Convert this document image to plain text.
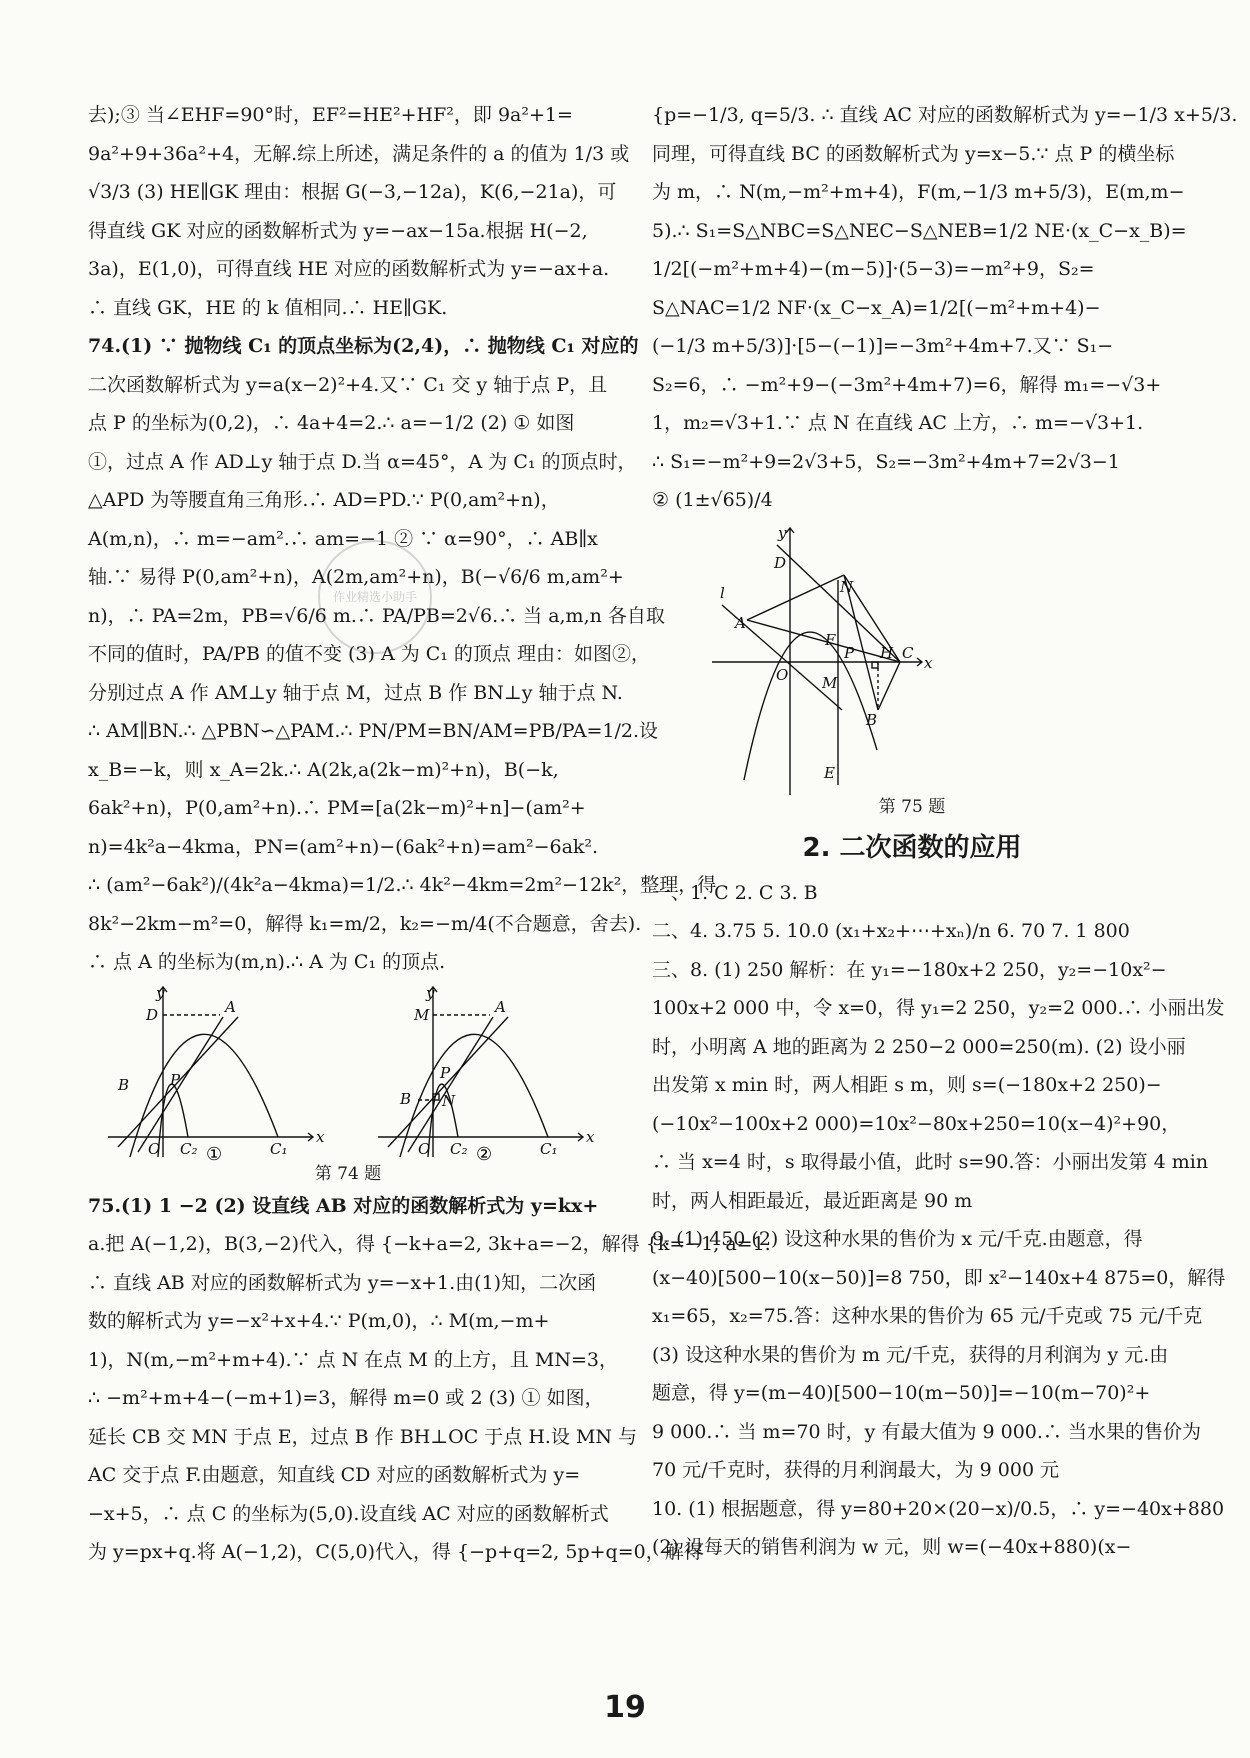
作业精选小助手
去);③ 当∠EHF=90°时，EF²=HE²+HF²，即 9a²+1=
9a²+9+36a²+4，无解.综上所述，满足条件的 a 的值为 1/3 或
√3/3 (3) HE∥GK 理由：根据 G(−3,−12a)，K(6,−21a)，可
得直线 GK 对应的函数解析式为 y=−ax−15a.根据 H(−2,
3a)，E(1,0)，可得直线 HE 对应的函数解析式为 y=−ax+a.
∴ 直线 GK，HE 的 k 值相同.∴ HE∥GK.
74.(1) ∵ 抛物线 C₁ 的顶点坐标为(2,4)，∴ 抛物线 C₁ 对应的
二次函数解析式为 y=a(x−2)²+4.又∵ C₁ 交 y 轴于点 P，且
点 P 的坐标为(0,2)，∴ 4a+4=2.∴ a=−1/2 (2) ① 如图
①，过点 A 作 AD⊥y 轴于点 D.当 α=45°，A 为 C₁ 的顶点时，
△APD 为等腰直角三角形.∴ AD=PD.∵ P(0,am²+n)，
A(m,n)，∴ m=−am².∴ am=−1 ② ∵ α=90°，∴ AB∥x
轴.∵ 易得 P(0,am²+n)，A(2m,am²+n)，B(−√6/6 m,am²+
n)，∴ PA=2m，PB=√6/6 m.∴ PA/PB=2√6.∴ 当 a,m,n 各自取
不同的值时，PA/PB 的值不变 (3) A 为 C₁ 的顶点 理由：如图②，
分别过点 A 作 AM⊥y 轴于点 M，过点 B 作 BN⊥y 轴于点 N.
∴ AM∥BN.∴ △PBN∽△PAM.∴ PN/PM=BN/AM=PB/PA=1/2.设
x_B=−k，则 x_A=2k.∴ A(2k,a(2k−m)²+n)，B(−k,
6ak²+n)，P(0,am²+n).∴ PM=[a(2k−m)²+n]−(am²+
n)=4k²a−4kma，PN=(am²+n)−(6ak²+n)=am²−6ak².
∴ (am²−6ak²)/(4k²a−4kma)=1/2.∴ 4k²−4km=2m²−12k²，整理，得
8k²−2km−m²=0，解得 k₁=m/2，k₂=−m/4(不合题意，舍去).
∴ 点 A 的坐标为(m,n).∴ A 为 C₁ 的顶点.
y
D	A
P
B
O C₂	C₁
x
y
M	A
P
N
B
O C₂	C₁
x
①	②
第 74 题
75.(1) 1 −2 (2) 设直线 AB 对应的函数解析式为 y=kx+
a.把 A(−1,2)，B(3,−2)代入，得 {−k+a=2, 3k+a=−2，解得 {k=−1, a=1.
∴ 直线 AB 对应的函数解析式为 y=−x+1.由(1)知，二次函
数的解析式为 y=−x²+x+4.∵ P(m,0)，∴ M(m,−m+
1)，N(m,−m²+m+4).∵ 点 N 在点 M 的上方，且 MN=3，
∴ −m²+m+4−(−m+1)=3，解得 m=0 或 2 (3) ① 如图，
延长 CB 交 MN 于点 E，过点 B 作 BH⊥OC 于点 H.设 MN 与
AC 交于点 F.由题意，知直线 CD 对应的函数解析式为 y=
−x+5，∴ 点 C 的坐标为(5,0).设直线 AC 对应的函数解析式
为 y=px+q.将 A(−1,2)，C(5,0)代入，得 {−p+q=2, 5p+q=0，解得
{p=−1/3, q=5/3. ∴ 直线 AC 对应的函数解析式为 y=−1/3 x+5/3.
同理，可得直线 BC 的函数解析式为 y=x−5.∵ 点 P 的横坐标
为 m，∴ N(m,−m²+m+4)，F(m,−1/3 m+5/3)，E(m,m−
5).∴ S₁=S△NBC=S△NEC−S△NEB=1/2 NE·(x_C−x_B)=
1/2[(−m²+m+4)−(m−5)]·(5−3)=−m²+9，S₂=
S△NAC=1/2 NF·(x_C−x_A)=1/2[(−m²+m+4)−
(−1/3 m+5/3)]·[5−(−1)]=−3m²+4m+7.又∵ S₁−
S₂=6，∴ −m²+9−(−3m²+4m+7)=6，解得 m₁=−√3+
1，m₂=√3+1.∵ 点 N 在直线 AC 上方，∴ m=−√3+1.
∴ S₁=−m²+9=2√3+5，S₂=−3m²+4m+7=2√3−1
② (1±√65)/4
y
D
l	N
A
F
O
P H C
x
M
B
E
第 75 题
2. 二次函数的应用
一、1. C 2. C 3. B
二、4. 3.75 5. 10.0 (x₁+x₂+⋯+xₙ)/n 6. 70 7. 1 800
三、8. (1) 250 解析：在 y₁=−180x+2 250，y₂=−10x²−
100x+2 000 中，令 x=0，得 y₁=2 250，y₂=2 000.∴ 小丽出发
时，小明离 A 地的距离为 2 250−2 000=250(m). (2) 设小丽
出发第 x min 时，两人相距 s m，则 s=(−180x+2 250)−
(−10x²−100x+2 000)=10x²−80x+250=10(x−4)²+90，
∴ 当 x=4 时，s 取得最小值，此时 s=90.答：小丽出发第 4 min
时，两人相距最近，最近距离是 90 m
9. (1) 450 (2) 设这种水果的售价为 x 元/千克.由题意，得
(x−40)[500−10(x−50)]=8 750，即 x²−140x+4 875=0，解得
x₁=65，x₂=75.答：这种水果的售价为 65 元/千克或 75 元/千克
(3) 设这种水果的售价为 m 元/千克，获得的月利润为 y 元.由
题意，得 y=(m−40)[500−10(m−50)]=−10(m−70)²+
9 000.∴ 当 m=70 时，y 有最大值为 9 000.∴ 当水果的售价为
70 元/千克时，获得的月利润最大，为 9 000 元
10. (1) 根据题意，得 y=80+20×(20−x)/0.5，∴ y=−40x+880
(2) 设每天的销售利润为 w 元，则 w=(−40x+880)(x−
19
